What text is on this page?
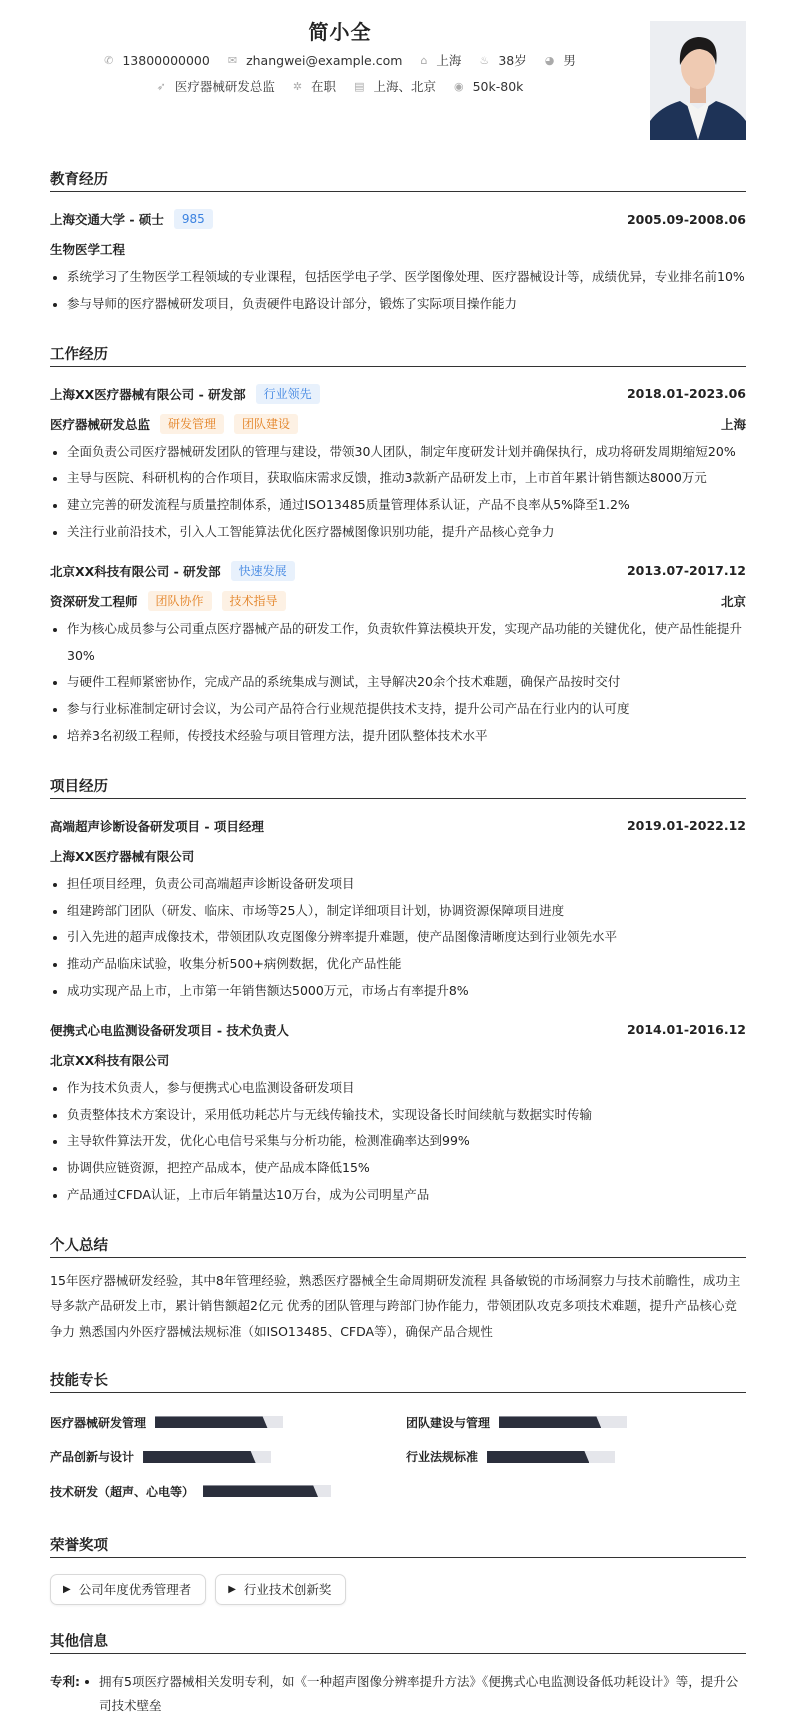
简小全
✆ 13800000000 ✉ zhangwei@example.com ⌂ 上海 ♨ 38岁 ◕ 男
➶ 医疗器械研发总监 ✲ 在职 ▤ 上海、北京 ◉ 50k-80k
教育经历
上海交通大学 - 硕士	985	2005.09-2008.06
生物医学工程
系统学习了生物医学工程领域的专业课程，包括医学电子学、医学图像处理、医疗器械设计等，成绩优异，专业排名前10%
参与导师的医疗器械研发项目，负责硬件电路设计部分，锻炼了实际项目操作能力
工作经历
上海XX医疗器械有限公司 - 研发部	行业领先	2018.01-2023.06
医疗器械研发总监	研发管理	团队建设	上海
全面负责公司医疗器械研发团队的管理与建设，带领30人团队，制定年度研发计划并确保执行，成功将研发周期缩短20%
主导与医院、科研机构的合作项目，获取临床需求反馈，推动3款新产品研发上市，上市首年累计销售额达8000万元
建立完善的研发流程与质量控制体系，通过ISO13485质量管理体系认证，产品不良率从5%降至1.2%
关注行业前沿技术，引入人工智能算法优化医疗器械图像识别功能，提升产品核心竞争力
北京XX科技有限公司 - 研发部	快速发展	2013.07-2017.12
资深研发工程师	团队协作	技术指导	北京
作为核心成员参与公司重点医疗器械产品的研发工作，负责软件算法模块开发，实现产品功能的关键优化，使产品性能提升30%
与硬件工程师紧密协作，完成产品的系统集成与测试，主导解决20余个技术难题，确保产品按时交付
参与行业标准制定研讨会议，为公司产品符合行业规范提供技术支持，提升公司产品在行业内的认可度
培养3名初级工程师，传授技术经验与项目管理方法，提升团队整体技术水平
项目经历
高端超声诊断设备研发项目 - 项目经理	2019.01-2022.12
上海XX医疗器械有限公司
担任项目经理，负责公司高端超声诊断设备研发项目
组建跨部门团队（研发、临床、市场等25人），制定详细项目计划，协调资源保障项目进度
引入先进的超声成像技术，带领团队攻克图像分辨率提升难题，使产品图像清晰度达到行业领先水平
推动产品临床试验，收集分析500+病例数据，优化产品性能
成功实现产品上市，上市第一年销售额达5000万元，市场占有率提升8%
便携式心电监测设备研发项目 - 技术负责人	2014.01-2016.12
北京XX科技有限公司
作为技术负责人，参与便携式心电监测设备研发项目
负责整体技术方案设计，采用低功耗芯片与无线传输技术，实现设备长时间续航与数据实时传输
主导软件算法开发，优化心电信号采集与分析功能，检测准确率达到99%
协调供应链资源，把控产品成本，使产品成本降低15%
产品通过CFDA认证，上市后年销量达10万台，成为公司明星产品
个人总结
15年医疗器械研发经验，其中8年管理经验，熟悉医疗器械全生命周期研发流程 具备敏锐的市场洞察力与技术前瞻性，成功主导多款产品研发上市，累计销售额超2亿元 优秀的团队管理与跨部门协作能力，带领团队攻克多项技术难题，提升产品核心竞争力 熟悉国内外医疗器械法规标准（如ISO13485、CFDA等），确保产品合规性
技能专长
医疗器械研发管理	团队建设与管理
产品创新与设计	行业法规标准
技术研发（超声、心电等）
荣誉奖项
▶ 公司年度优秀管理者	▶ 行业技术创新奖
其他信息
专利:	拥有5项医疗器械相关发明专利，如《一种超声图像分辨率提升方法》《便携式心电监测设备低功耗设计》等，提升公司技术壁垒
